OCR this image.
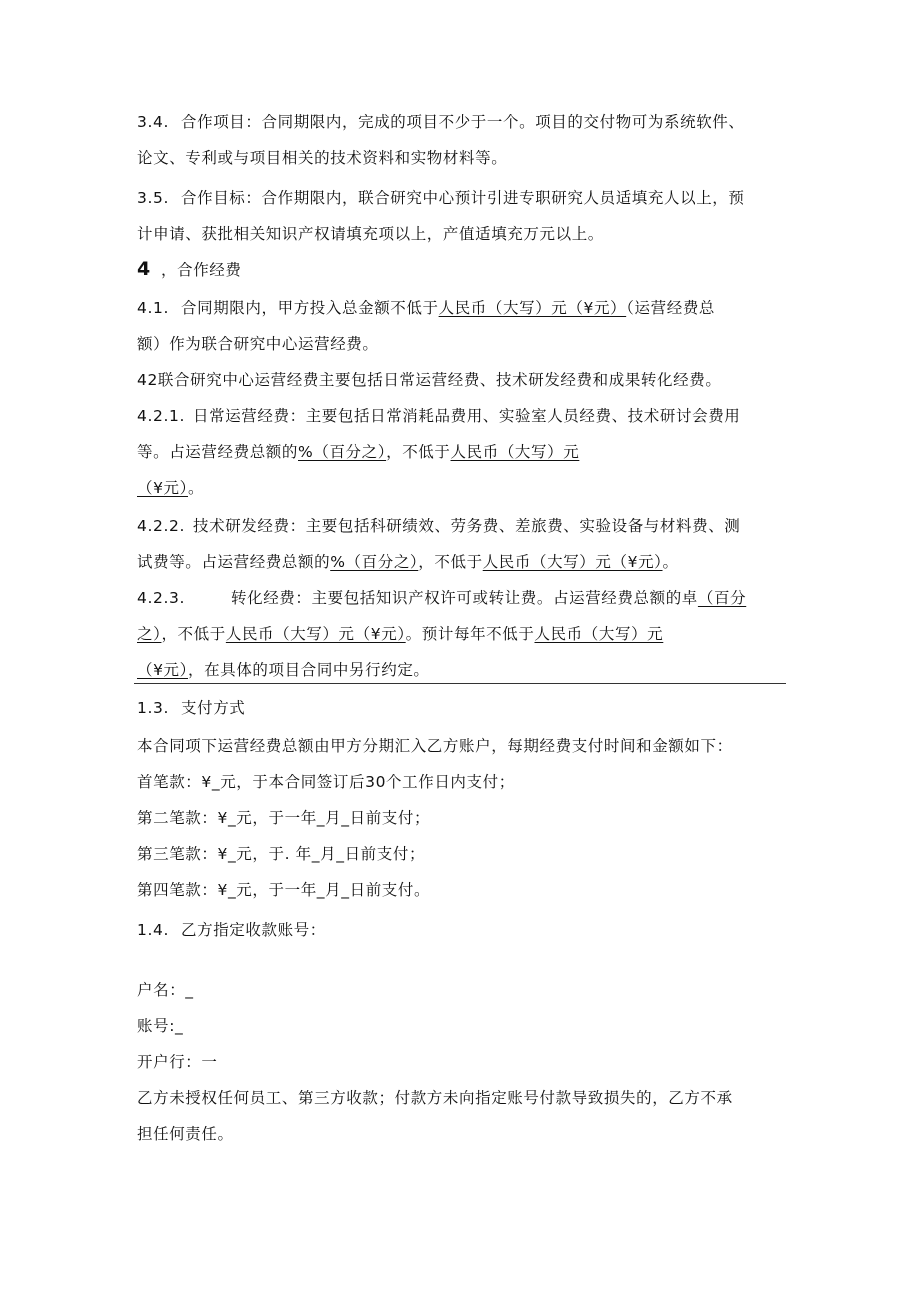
3.4. 合作项目：合同期限内，完成的项目不少于一个。项目的交付物可为系统软件、
论文、专利或与项目相关的技术资料和实物材料等。
3.5. 合作目标：合作期限内，联合研究中心预计引进专职研究人员适填充人以上，预
计申请、获批相关知识产权请填充项以上，产值适填充万元以上。
4 ，合作经费
4.1. 合同期限内，甲方投入总金额不低于人民币（大写）元（¥元）（运营经费总
额）作为联合研究中心运营经费。
42联合研究中心运营经费主要包括日常运营经费、技术研发经费和成果转化经费。
4.2.1. 日常运营经费：主要包括日常消耗品费用、实验室人员经费、技术研讨会费用
等。占运营经费总额的%（百分之），不低于人民币（大写）元
（¥元）。
4.2.2. 技术研发经费：主要包括科研绩效、劳务费、差旅费、实验设备与材料费、测
试费等。占运营经费总额的%（百分之），不低于人民币（大写）元（¥元）。
4.2.3.	转化经费：主要包括知识产权许可或转让费。占运营经费总额的卓（百分
之），不低于人民币（大写）元（¥元）。预计每年不低于人民币（大写）元
（¥元），在具体的项目合同中另行约定。
1.3. 支付方式
本合同项下运营经费总额由甲方分期汇入乙方账户，每期经费支付时间和金额如下：
首笔款：¥_元，于本合同签订后30个工作日内支付；
第二笔款：¥_元，于一年_月_日前支付；
第三笔款：¥_元，于. 年_月_日前支付；
第四笔款：¥_元，于一年_月_日前支付。
1.4. 乙方指定收款账号：
户名：_
账号:_
开户行：一
乙方未授权任何员工、第三方收款；付款方未向指定账号付款导致损失的，乙方不承
担任何责任。
